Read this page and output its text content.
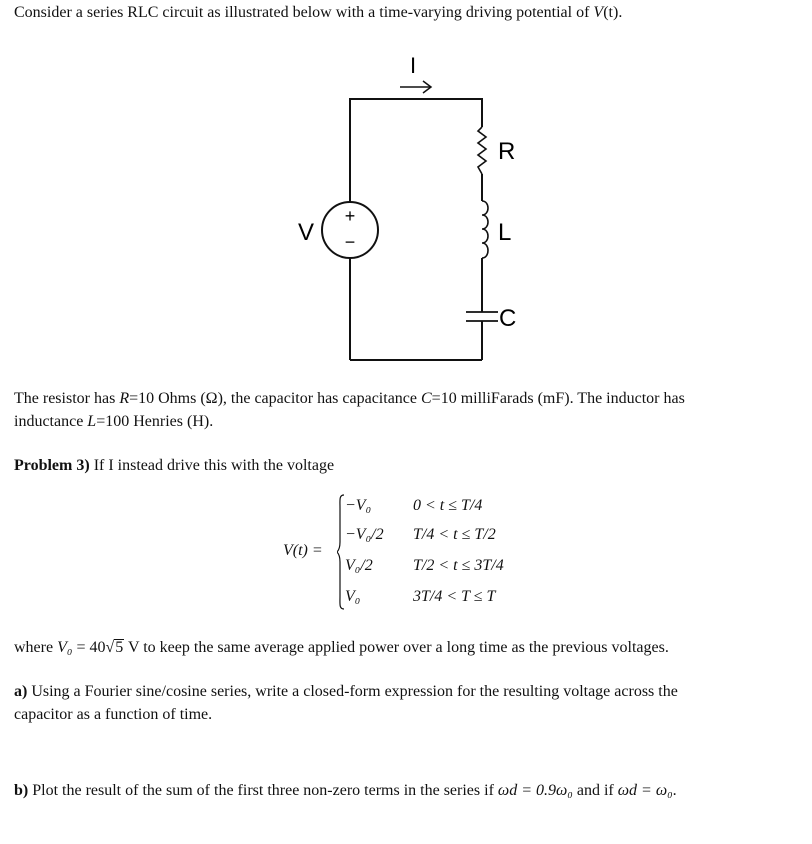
Consider a series RLC circuit as illustrated below with a time-varying driving potential of V(t).
I
R
L
C
+
−
V
The resistor has R=10 Ohms (Ω), the capacitor has capacitance C=10 milliFarads (mF). The inductor has
inductance L=100 Henries (H).
Problem 3) If I instead drive this with the voltage
V(t) =
−V₀	0 < t ≤ T/4
−V₀/2 T/4 < t ≤ T/2
V₀/2	T/2 < t ≤ 3T/4
V₀	3T/4 < T ≤ T
where V₀ = 40√5 V to keep the same average applied power over a long time as the previous voltages.
a) Using a Fourier sine/cosine series, write a closed-form expression for the resulting voltage across the
capacitor as a function of time.
b) Plot the result of the sum of the first three non-zero terms in the series if ωd = 0.9ω₀ and if ωd = ω₀.
